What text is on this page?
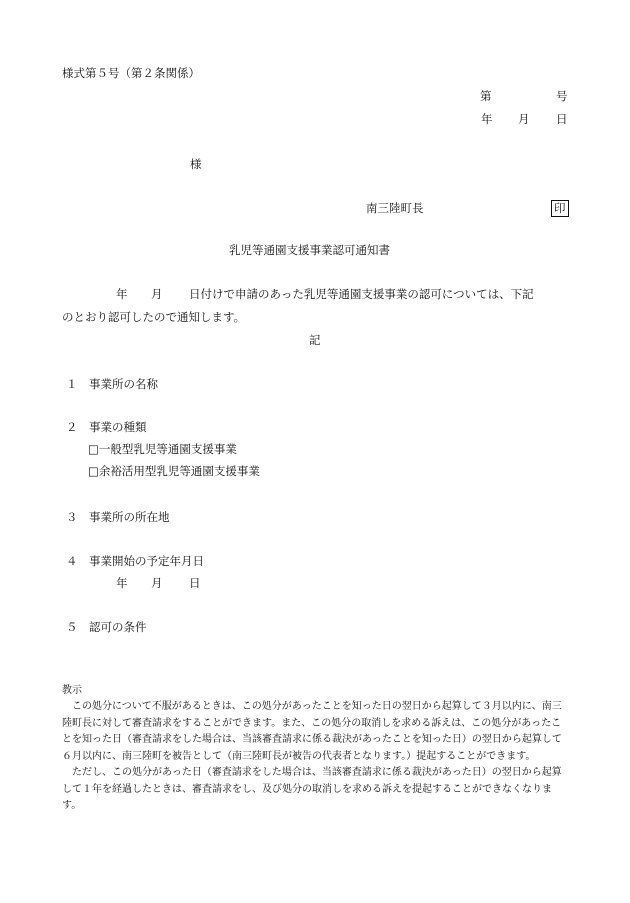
様式第５号（第２条関係）
第	号
年 月 日
様
南三陸町長	印
乳児等通園支援事業認可通知書
年 月 日付けで申請のあった乳児等通園支援事業の認可については、下記
のとおり認可したので通知します。
記
１　事業所の名称
２　事業の種類
□一般型乳児等通園支援事業
□余裕活用型乳児等通園支援事業
３　事業所の所在地
４　事業開始の予定年月日
年 月 日
５　認可の条件
教示

この処分について不服があるときは、この処分があったことを知った日の翌日から起算して３月以内に、南三陸町長に対して審査請求をすることができます。また、この処分の取消しを求める訴えは、この処分があったことを知った日（審査請求をした場合は、当該審査請求に係る裁決があったことを知った日）の翌日から起算して６月以内に、南三陸町を被告として（南三陸町長が被告の代表者となります。）提起することができます。

ただし、この処分があった日（審査請求をした場合は、当該審査請求に係る裁決があった日）の翌日から起算して１年を経過したときは、審査請求をし、及び処分の取消しを求める訴えを提起することができなくなります。
